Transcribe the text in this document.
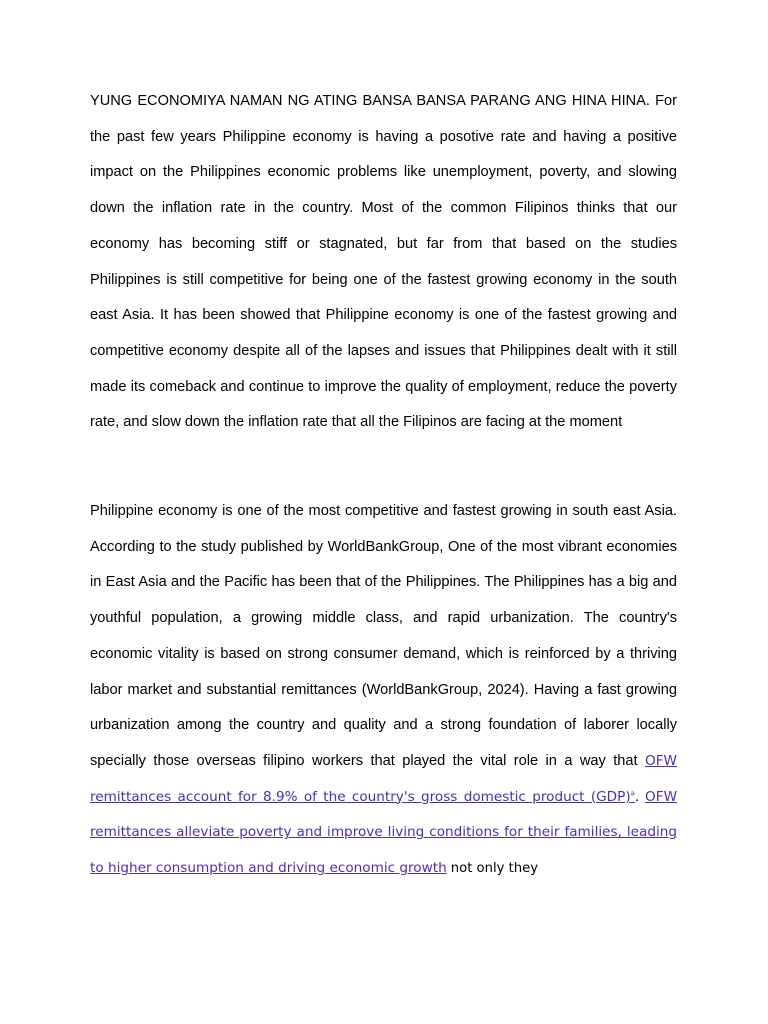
YUNG ECONOMIYA NAMAN NG ATING BANSA BANSA PARANG ANG HINA HINA. For the past few years Philippine economy is having a posotive rate and having a positive impact on the Philippines economic problems like unemployment, poverty, and slowing down the inflation rate in the country. Most of the common Filipinos thinks that our economy has becoming stiff or stagnated, but far from that based on the studies Philippines is still competitive for being one of the fastest growing economy in the south east Asia. It has been showed that Philippine economy is one of the fastest growing and competitive economy despite all of the lapses and issues that Philippines dealt with it still made its comeback and continue to improve the quality of employment, reduce the poverty rate, and slow down the inflation rate that all the Filipinos are facing at the moment

Philippine economy is one of the most competitive and fastest growing in south east Asia. According to the study published by WorldBankGroup, One of the most vibrant economies in East Asia and the Pacific has been that of the Philippines. The Philippines has a big and youthful population, a growing middle class, and rapid urbanization. The country's economic vitality is based on strong consumer demand, which is reinforced by a thriving labor market and substantial remittances (WorldBankGroup, 2024). Having a fast growing urbanization among the country and quality and a strong foundation of laborer locally specially those overseas filipino workers that played the vital role in a way that OFW remittances account for 8.9% of the country's gross domestic product (GDP)$^a$. OFW remittances alleviate poverty and improve living conditions for their families, leading to higher consumption and driving economic growth not only they
